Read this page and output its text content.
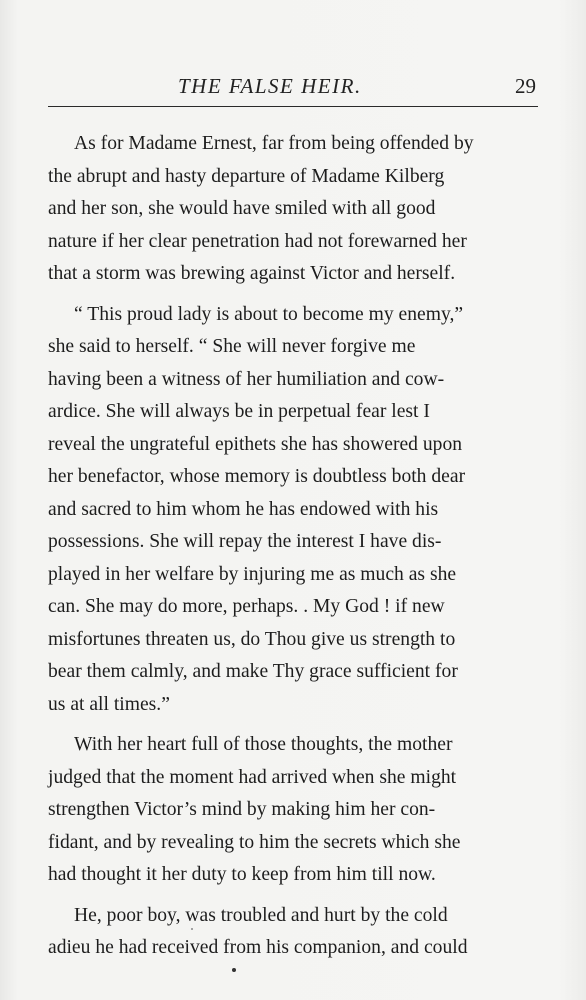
THE FALSE HEIR.	29

As for Madame Ernest, far from being offended by
the abrupt and hasty departure of Madame Kilberg
and her son, she would have smiled with all good
nature if her clear penetration had not forewarned her
that a storm was brewing against Victor and herself.

“ This proud lady is about to become my enemy,”
she said to herself. “ She will never forgive me
having been a witness of her humiliation and cow-
ardice. She will always be in perpetual fear lest I
reveal the ungrateful epithets she has showered upon
her benefactor, whose memory is doubtless both dear
and sacred to him whom he has endowed with his
possessions. She will repay the interest I have dis-
played in her welfare by injuring me as much as she
can. She may do more, perhaps. . My God ! if new
misfortunes threaten us, do Thou give us strength to
bear them calmly, and make Thy grace sufficient for
us at all times.”

With her heart full of those thoughts, the mother
judged that the moment had arrived when she might
strengthen Victor’s mind by making him her con-
fidant, and by revealing to him the secrets which she
had thought it her duty to keep from him till now.

He, poor boy, was troubled and hurt by the cold
adieu he had received from his companion, and could
